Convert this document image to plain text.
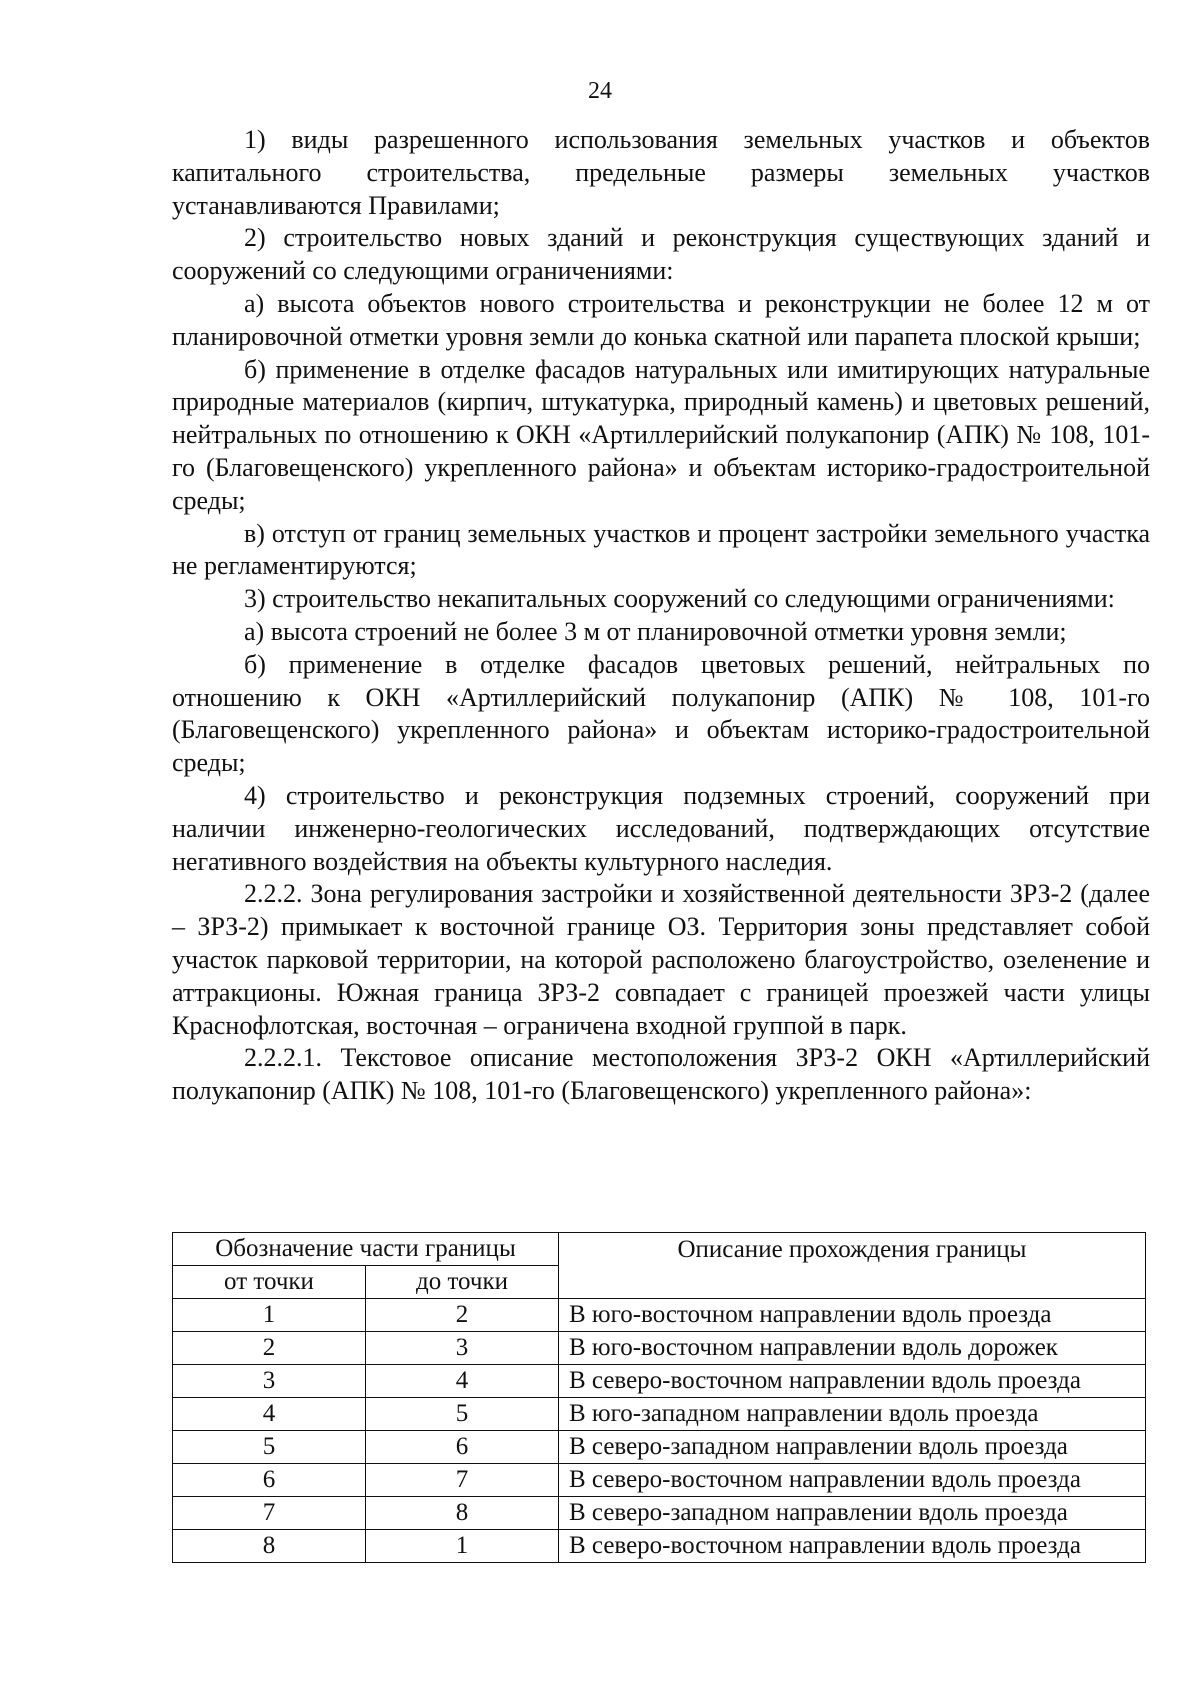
24

1) виды разрешенного использования земельных участков и объектов капитального строительства, предельные размеры земельных участков устанавливаются Правилами;

2) строительство новых зданий и реконструкция существующих зданий и сооружений со следующими ограничениями:

а) высота объектов нового строительства и реконструкции не более 12 м от планировочной отметки уровня земли до конька скатной или парапета плоской крыши;

б) применение в отделке фасадов натуральных или имитирующих натуральные природные материалов (кирпич, штукатурка, природный камень) и цветовых решений, нейтральных по отношению к ОКН «Артиллерийский полукапонир (АПК) № 108, 101-го (Благовещенского) укрепленного района» и объектам историко-градостроительной среды;

в) отступ от границ земельных участков и процент застройки земельного участка не регламентируются;

3) строительство некапитальных сооружений со следующими ограничениями:

а) высота строений не более 3 м от планировочной отметки уровня земли;

б) применение в отделке фасадов цветовых решений, нейтральных по отношению к ОКН «Артиллерийский полукапонир (АПК) № 108, 101-го (Благовещенского) укрепленного района» и объектам историко-градостроительной среды;

4) строительство и реконструкция подземных строений, сооружений при наличии инженерно-геологических исследований, подтверждающих отсутствие негативного воздействия на объекты культурного наследия.

2.2.2. Зона регулирования застройки и хозяйственной деятельности ЗРЗ-2 (далее – ЗРЗ-2) примыкает к восточной границе ОЗ. Территория зоны представляет собой участок парковой территории, на которой расположено благоустройство, озеленение и аттракционы. Южная граница ЗРЗ-2 совпадает с границей проезжей части улицы Краснофлотская, восточная – ограничена входной группой в парк.

2.2.2.1. Текстовое описание местоположения ЗРЗ-2 ОКН «Артиллерийский полукапонир (АПК) № 108, 101-го (Благовещенского) укрепленного района»:

Обозначение части границы		Описание прохождения границы
от точки	до точки	
1	2	В юго-восточном направлении вдоль проезда
2	3	В юго-восточном направлении вдоль дорожек
3	4	В северо-восточном направлении вдоль проезда
4	5	В юго-западном направлении вдоль проезда
5	6	В северо-западном направлении вдоль проезда
6	7	В северо-восточном направлении вдоль проезда
7	8	В северо-западном направлении вдоль проезда
8	1	В северо-восточном направлении вдоль проезда
